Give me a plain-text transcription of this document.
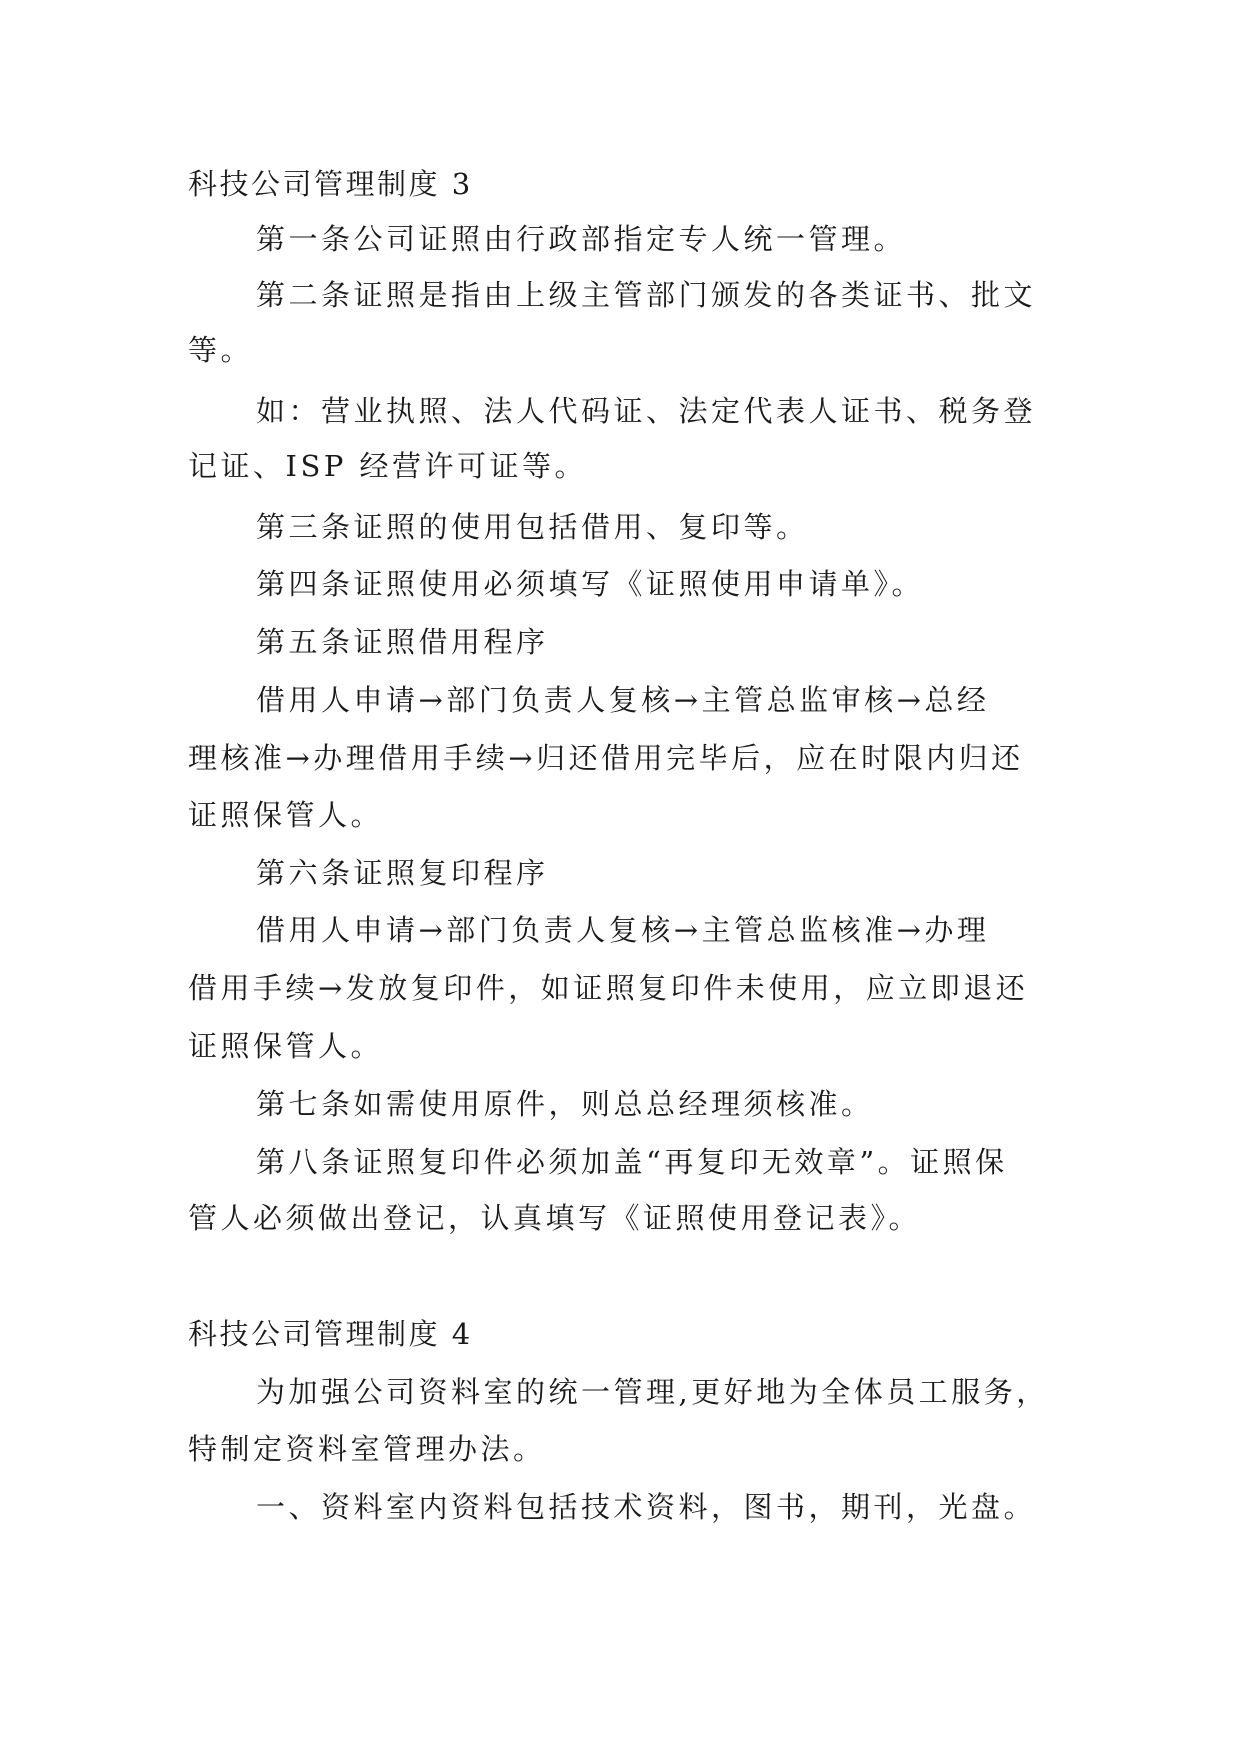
科技公司管理制度 3

第一条公司证照由行政部指定专人统一管理。

第二条证照是指由上级主管部门颁发的各类证书、批文

等。

如：营业执照、法人代码证、法定代表人证书、税务登

记证、ISP 经营许可证等。

第三条证照的使用包括借用、复印等。

第四条证照使用必须填写《证照使用申请单》。

第五条证照借用程序

借用人申请→部门负责人复核→主管总监审核→总经

理核准→办理借用手续→归还借用完毕后，应在时限内归还

证照保管人。

第六条证照复印程序

借用人申请→部门负责人复核→主管总监核准→办理

借用手续→发放复印件，如证照复印件未使用，应立即退还

证照保管人。

第七条如需使用原件，则总总经理须核准。

第八条证照复印件必须加盖“再复印无效章”。证照保

管人必须做出登记，认真填写《证照使用登记表》。

科技公司管理制度 4

为加强公司资料室的统一管理,更好地为全体员工服务，

特制定资料室管理办法。

一、资料室内资料包括技术资料，图书，期刊，光盘。
